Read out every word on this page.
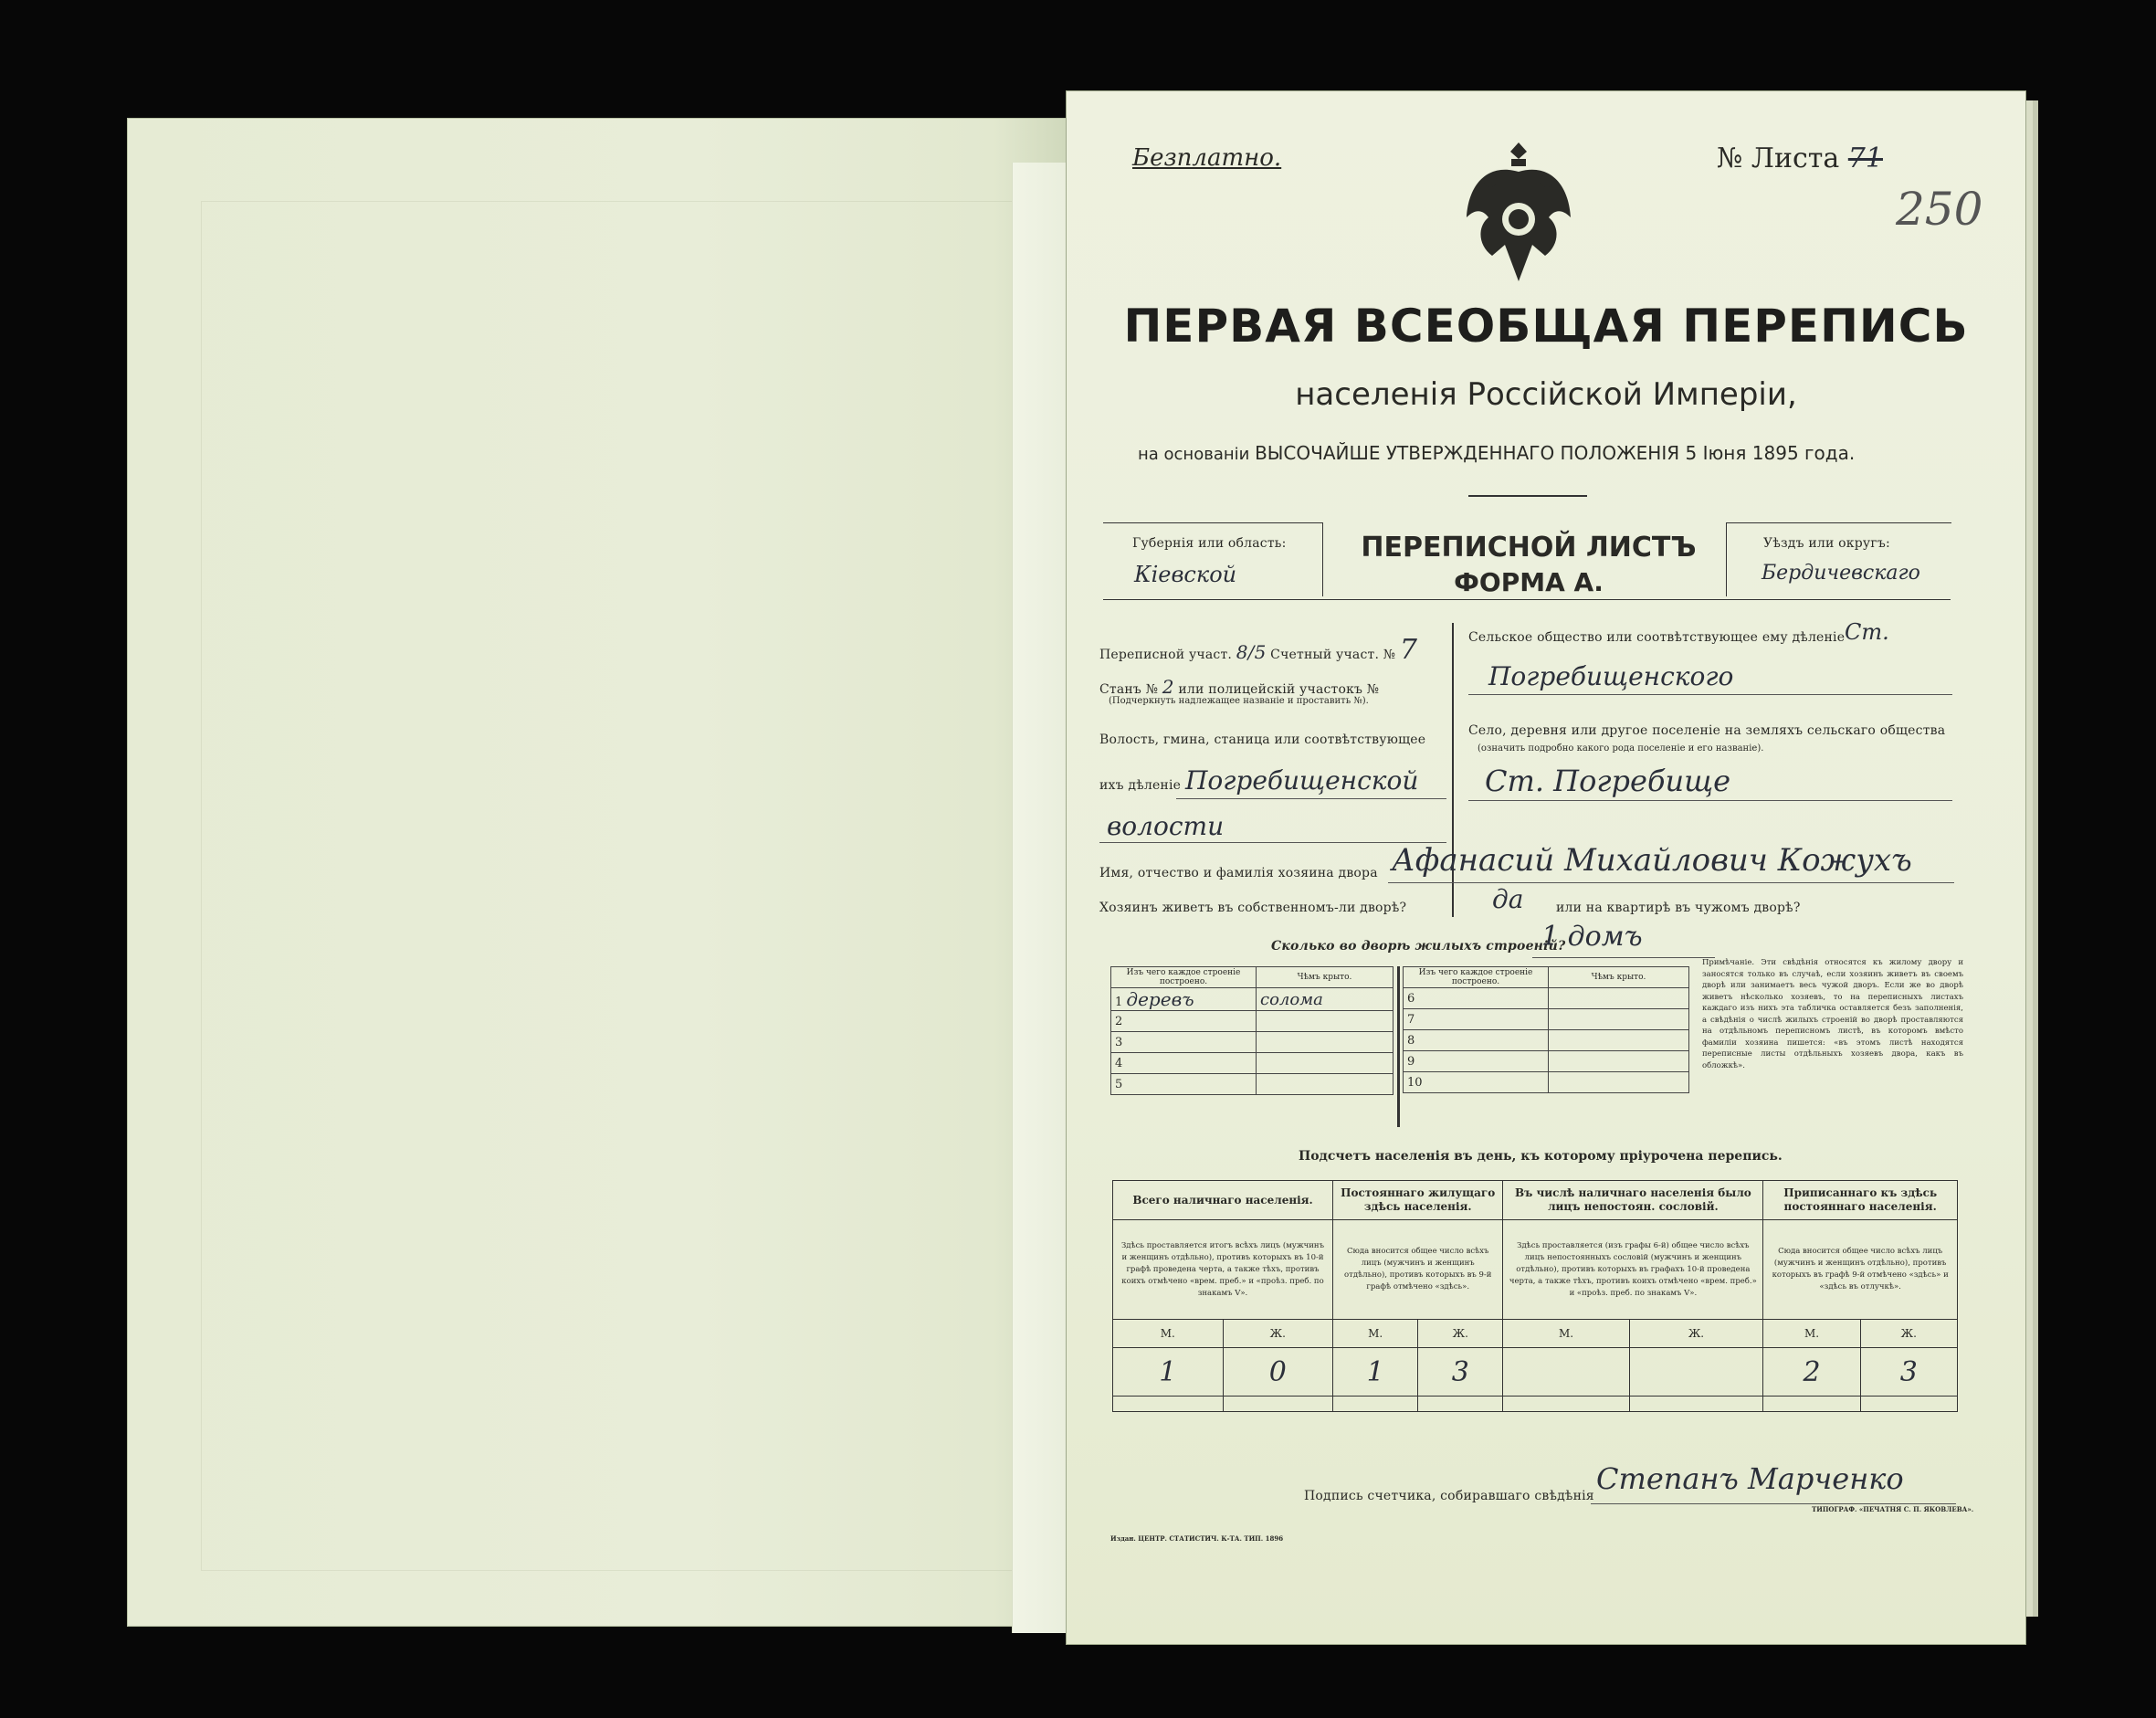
Безплатно.	№ Листа 71
250
ПЕРВАЯ ВСЕОБЩАЯ ПЕРЕПИСЬ
населенія Россійской Имперіи,
на основаніи ВЫСОЧАЙШЕ УТВЕРЖДЕННАГО ПОЛОЖЕНІЯ 5 Іюня 1895 года.
Губернія или область:
Кіевской
ПЕРЕПИСНОЙ ЛИСТЪ
ФОРМА А.
Уѣздъ или округъ:
Бердичевскаго
Переписной участ. 8/5 Счетный участ. № 7
Станъ № 2 или полицейскій участокъ №
(Подчеркнуть надлежащее названіе и проставить №).
Волость, гмина, станица или соотвѣтствующее
ихъ дѣленіе Погребищенской
волости
Сельское общество или соотвѣтствующее ему дѣленіе Ст.
Погребищенского
Село, деревня или другое поселеніе на земляхъ сельскаго общества
(означить подробно какого рода поселеніе и его названіе).
Ст. Погребище
Имя, отчество и фамилія хозяина двора Афанасий Михайлович Кожухъ
Хозяинъ живетъ въ собственномъ-ли дворѣ?	да	или на квартирѣ въ чужомъ дворѣ?
Сколько во дворѣ жилыхъ строеній?
1 домъ
Изъ чего каждое строеніе построено.	Чѣмъ крыто.
1 деревъ	солома
2	
3	
4	
5	
Изъ чего каждое строеніе построено.	Чѣмъ крыто.
6	
7	
8	
9	
10	
Примѣчаніе. Эти свѣдѣнія относятся къ жилому двору и заносятся только въ случаѣ, если хозяинъ живетъ въ своемъ дворѣ или занимаетъ весь чужой дворъ. Если же во дворѣ живетъ нѣсколько хозяевъ, то на переписныхъ листахъ каждаго изъ нихъ эта табличка оставляется безъ заполненія, а свѣдѣнія о числѣ жилыхъ строеній во дворѣ проставляются на отдѣльномъ переписномъ листѣ, въ которомъ вмѣсто фамиліи хозяина пишется: «въ этомъ листѣ находятся переписные листы отдѣльныхъ хозяевъ двора, какъ въ обложкѣ».
Подсчетъ населенія въ день, къ которому пріурочена перепись.
Всего наличнаго населенія.		Постояннаго жилущаго здѣсь населенія.		Въ числѣ наличнаго населенія было лицъ непостоян. сословій.		Приписаннаго къ здѣсь постояннаго населенія.	
Здѣсь проставляется итогъ всѣхъ лицъ (мужчинъ и женщинъ отдѣльно), противъ которыхъ въ 10-й графѣ проведена черта, а также тѣхъ, противъ коихъ отмѣчено «врем. преб.» и «проѣз. преб. по знакамъ V».		Сюда вносится общее число всѣхъ лицъ (мужчинъ и женщинъ отдѣльно), противъ которыхъ въ 9-й графѣ отмѣчено «здѣсь».		Здѣсь проставляется (изъ графы 6-й) общее число всѣхъ лицъ непостоянныхъ сословій (мужчинъ и женщинъ отдѣльно), противъ которыхъ въ графахъ 10-й проведена черта, а также тѣхъ, противъ коихъ отмѣчено «врем. преб.» и «проѣз. преб. по знакамъ V».		Сюда вносится общее число всѣхъ лицъ (мужчинъ и женщинъ отдѣльно), противъ которыхъ въ графѣ 9-й отмѣчено «здѣсь» и «здѣсь въ отлучкѣ».	
М.	Ж.	М.	Ж.	М.	Ж.	М.	Ж.
1	0	1	3			2	3

Подпись счетчика, собиравшаго свѣдѣнія Степанъ Марченко
Издан. ЦЕНТР. СТАТИСТИЧ. К-ТА. ТИП. 1896
ТИПОГРАФ. «ПЕЧАТНЯ С. П. ЯКОВЛЕВА».
